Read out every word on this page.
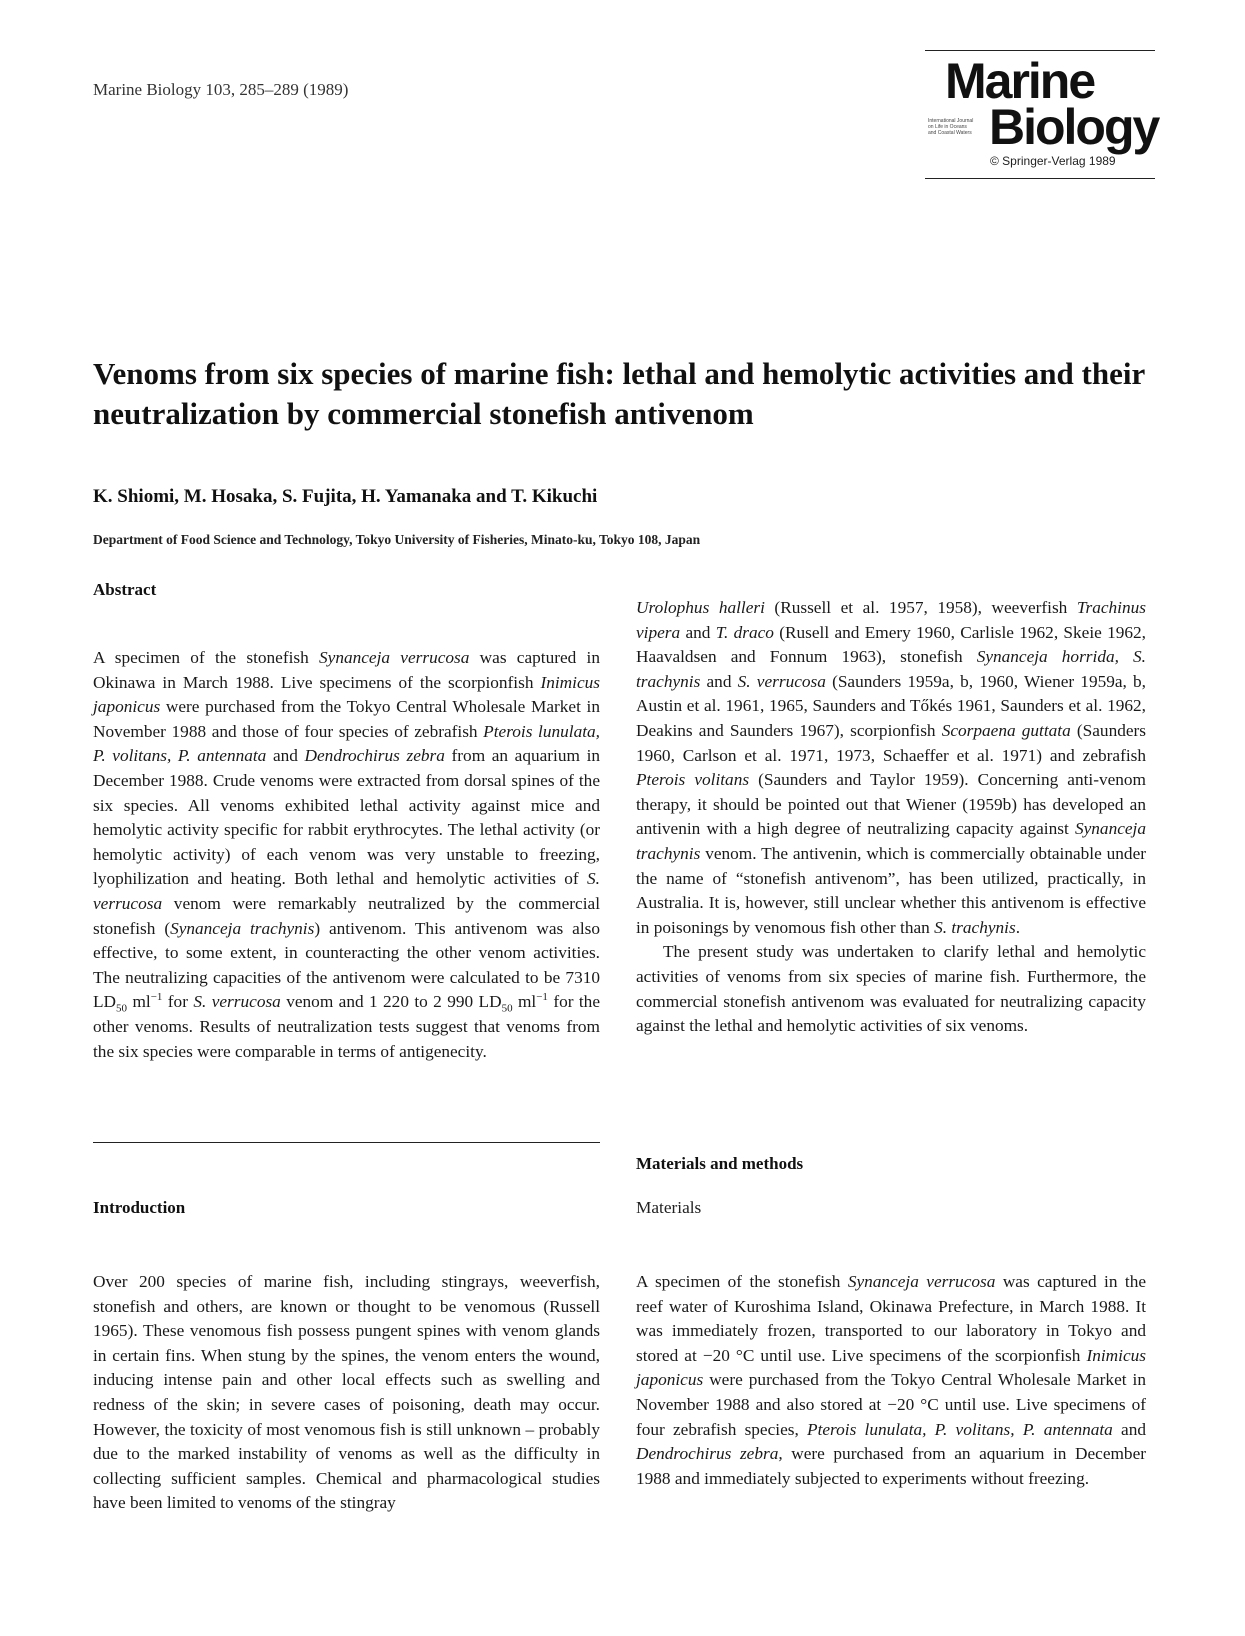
Marine Biology 103, 285–289 (1989)	Marine
International Journal
on Life in Oceans
and Coastal Waters Biology
© Springer-Verlag 1989
Venoms from six species of marine fish: lethal and hemolytic activities and their neutralization by commercial stonefish antivenom
K. Shiomi, M. Hosaka, S. Fujita, H. Yamanaka and T. Kikuchi
Department of Food Science and Technology, Tokyo University of Fisheries, Minato-ku, Tokyo 108, Japan
Abstract

A specimen of the stonefish Synanceja verrucosa was captured in Okinawa in March 1988. Live specimens of the scorpionfish Inimicus japonicus were purchased from the Tokyo Central Wholesale Market in November 1988 and those of four species of zebrafish Pterois lunulata, P. volitans, P. antennata and Dendrochirus zebra from an aquarium in December 1988. Crude venoms were extracted from dorsal spines of the six species. All venoms exhibited lethal activity against mice and hemolytic activity specific for rabbit erythrocytes. The lethal activity (or hemolytic activity) of each venom was very unstable to freezing, lyophilization and heating. Both lethal and hemolytic activities of S. verrucosa venom were remarkably neutralized by the commercial stonefish (Synanceja trachynis) antivenom. This antivenom was also effective, to some extent, in counteracting the other venom activities. The neutralizing capacities of the antivenom were calculated to be 7310 $LD_{50}$ $ml^{-1}$ for S. verrucosa venom and 1 220 to 2 990 $LD_{50}$ $ml^{-1}$ for the other venoms. Results of neutralization tests suggest that venoms from the six species were comparable in terms of antigenecity.

Introduction

Over 200 species of marine fish, including stingrays, weeverfish, stonefish and others, are known or thought to be venomous (Russell 1965). These venomous fish possess pungent spines with venom glands in certain fins. When stung by the spines, the venom enters the wound, inducing intense pain and other local effects such as swelling and redness of the skin; in severe cases of poisoning, death may occur. However, the toxicity of most venomous fish is still unknown – probably due to the marked instability of venoms as well as the difficulty in collecting sufficient samples. Chemical and pharmacological studies have been limited to venoms of the stingray

Urolophus halleri (Russell et al. 1957, 1958), weeverfish Trachinus vipera and T. draco (Rusell and Emery 1960, Carlisle 1962, Skeie 1962, Haavaldsen and Fonnum 1963), stonefish Synanceja horrida, S. trachynis and S. verrucosa (Saunders 1959a, b, 1960, Wiener 1959a, b, Austin et al. 1961, 1965, Saunders and Tőkés 1961, Saunders et al. 1962, Deakins and Saunders 1967), scorpionfish Scorpaena guttata (Saunders 1960, Carlson et al. 1971, 1973, Schaeffer et al. 1971) and zebrafish Pterois volitans (Saunders and Taylor 1959). Concerning anti-venom therapy, it should be pointed out that Wiener (1959b) has developed an antivenin with a high degree of neutralizing capacity against Synanceja trachynis venom. The antivenin, which is commercially obtainable under the name of “stonefish antivenom”, has been utilized, practically, in Australia. It is, however, still unclear whether this antivenom is effective in poisonings by venomous fish other than S. trachynis.

The present study was undertaken to clarify lethal and hemolytic activities of venoms from six species of marine fish. Furthermore, the commercial stonefish antivenom was evaluated for neutralizing capacity against the lethal and hemolytic activities of six venoms.

Materials and methods
Materials

A specimen of the stonefish Synanceja verrucosa was captured in the reef water of Kuroshima Island, Okinawa Prefecture, in March 1988. It was immediately frozen, transported to our laboratory in Tokyo and stored at −20 °C until use. Live specimens of the scorpionfish Inimicus japonicus were purchased from the Tokyo Central Wholesale Market in November 1988 and also stored at −20 °C until use. Live specimens of four zebrafish species, Pterois lunulata, P. volitans, P. antennata and Dendrochirus zebra, were purchased from an aquarium in December 1988 and immediately subjected to experiments without freezing.
